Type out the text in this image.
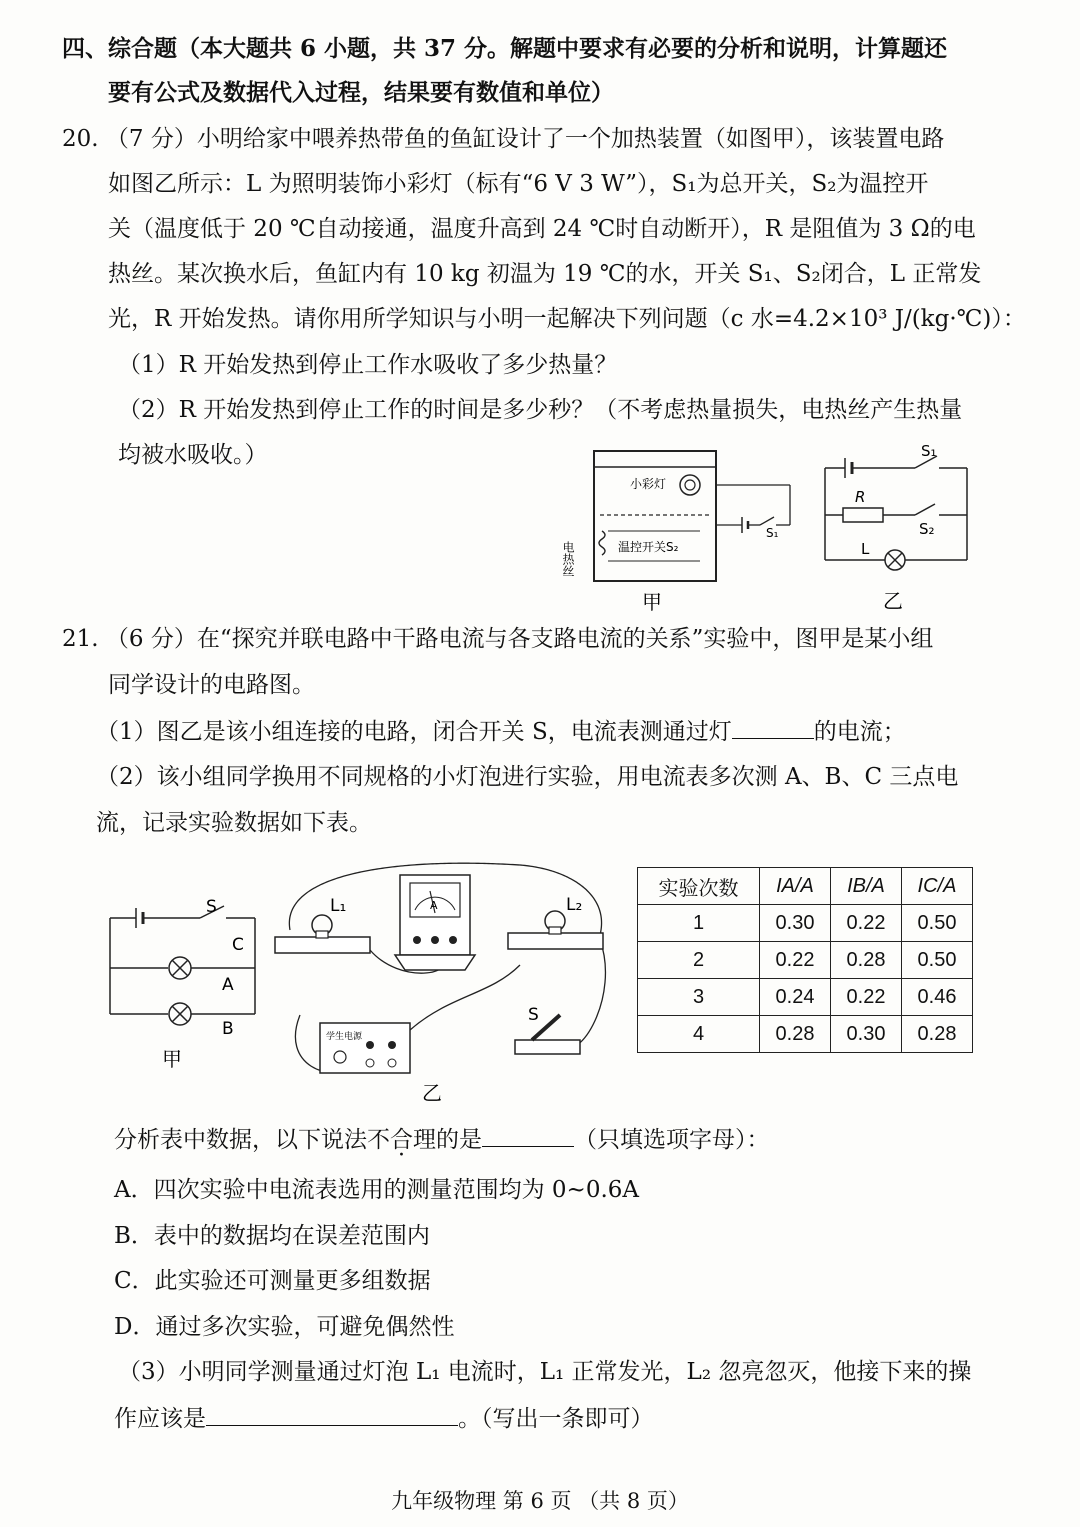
四、综合题（本大题共 6 小题，共 37 分。解题中要求有必要的分析和说明，计算题还
要有公式及数据代入过程，结果要有数值和单位）
20. （7 分）小明给家中喂养热带鱼的鱼缸设计了一个加热装置（如图甲），该装置电路
如图乙所示：L 为照明装饰小彩灯（标有“6 V 3 W”），S₁为总开关，S₂为温控开
关（温度低于 20 ℃自动接通，温度升高到 24 ℃时自动断开），R 是阻值为 3 Ω的电
热丝。某次换水后，鱼缸内有 10 kg 初温为 19 ℃的水，开关 S₁、S₂闭合，L 正常发
光，R 开始发热。请你用所学知识与小明一起解决下列问题（c 水=4.2×10³ J/(kg·℃)）：
（1）R 开始发热到停止工作水吸收了多少热量？
（2）R 开始发热到停止工作的时间是多少秒？（不考虑热量损失，电热丝产生热量
均被水吸收。）
小彩灯
温控开关S₂
S₁
电热丝
甲
S₁
R
S₂
L
乙
21. （6 分）在“探究并联电路中干路电流与各支路电流的关系”实验中，图甲是某小组
同学设计的电路图。
（1）图乙是该小组连接的电路，闭合开关 S，电流表测通过灯	的电流；
（2）该小组同学换用不同规格的小灯泡进行实验，用电流表多次测 A、B、C 三点电
流，记录实验数据如下表。
S
C
A
B
甲
L₁	A	L₂
学生电源
S
乙
实验次数	IA/A	IB/A	IC/A
1	0.30	0.22	0.50
2	0.22	0.28	0.50
3	0.24	0.22	0.46
4	0.28	0.30	0.28
分析表中数据，以下说法不合理的是	（只填选项字母）：
A．四次实验中电流表选用的测量范围均为 0~0.6A
B．表中的数据均在误差范围内
C．此实验还可测量更多组数据
D．通过多次实验，可避免偶然性
（3）小明同学测量通过灯泡 L₁ 电流时，L₁ 正常发光，L₂ 忽亮忽灭，他接下来的操
作应该是	。（写出一条即可）
九年级物理 第 6 页 （共 8 页）
